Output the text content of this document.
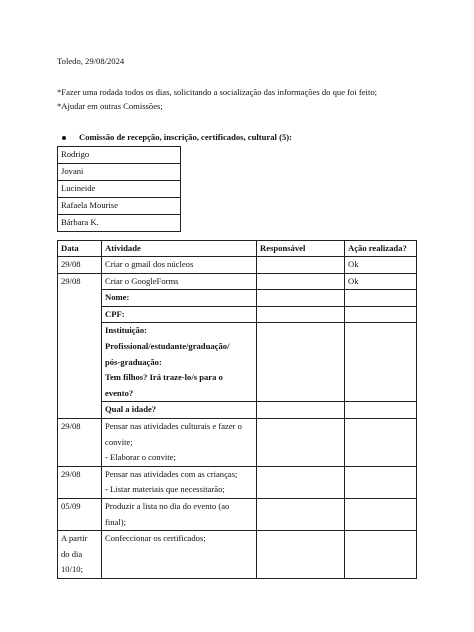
Toledo, 29/08/2024
*Fazer uma rodada todos os dias, solicitando a socialização das informações do que foi feito;
*Ajudar em outras Comissões;
Comissão de recepção, inscrição, certificados, cultural (5):
Rodrigo
Jovani
Lucineide
Rafaela Mourise
Bárbara K.
Data	Atividade	Responsável	Ação realizada?
29/08	Criar o gmail dos núcleos		Ok
29/08	Criar o GoogleForms		Ok
	Nome:		
	CPF:		

	Instituição:
Profissional/estudante/graduação/
pós-graduação:
Tem filhos? Irá traze-lo/s para o
evento?		

	Qual a idade?		
29/08	Pensar nas atividades culturais e fazer o
convite;
- Elaborar o convite;		

29/08	Pensar nas atividades com as crianças;
- Listar materiais que necessitarão;		

05/09	Produzir a lista no dia do evento (ao
final);		

A partir
do dia
10/10;	Confeccionar os certificados;		
